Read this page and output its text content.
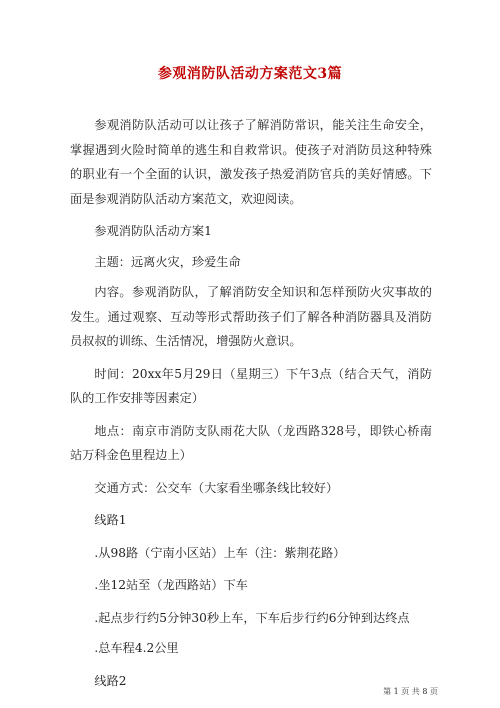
参观消防队活动方案范文3篇

参观消防队活动可以让孩子了解消防常识，能关注生命安全，掌握遇到火险时简单的逃生和自救常识。使孩子对消防员这种特殊的职业有一个全面的认识，激发孩子热爱消防官兵的美好情感。下面是参观消防队活动方案范文，欢迎阅读。

参观消防队活动方案1

主题：远离火灾，珍爱生命

内容。参观消防队，了解消防安全知识和怎样预防火灾事故的发生。通过观察、互动等形式帮助孩子们了解各种消防器具及消防员叔叔的训练、生活情况，增强防火意识。

时间：20xx年5月29日（星期三）下午3点（结合天气，消防队的工作安排等因素定）

地点：南京市消防支队雨花大队（龙西路328号，即铁心桥南站万科金色里程边上）

交通方式：公交车（大家看坐哪条线比较好）

线路1

.从98路（宁南小区站）上车（注：紫荆花路）

.坐12站至（龙西路站）下车

.起点步行约5分钟30秒上车，下车后步行约6分钟到达终点

.总车程4.2公里

线路2

第 1 页 共 8 页
